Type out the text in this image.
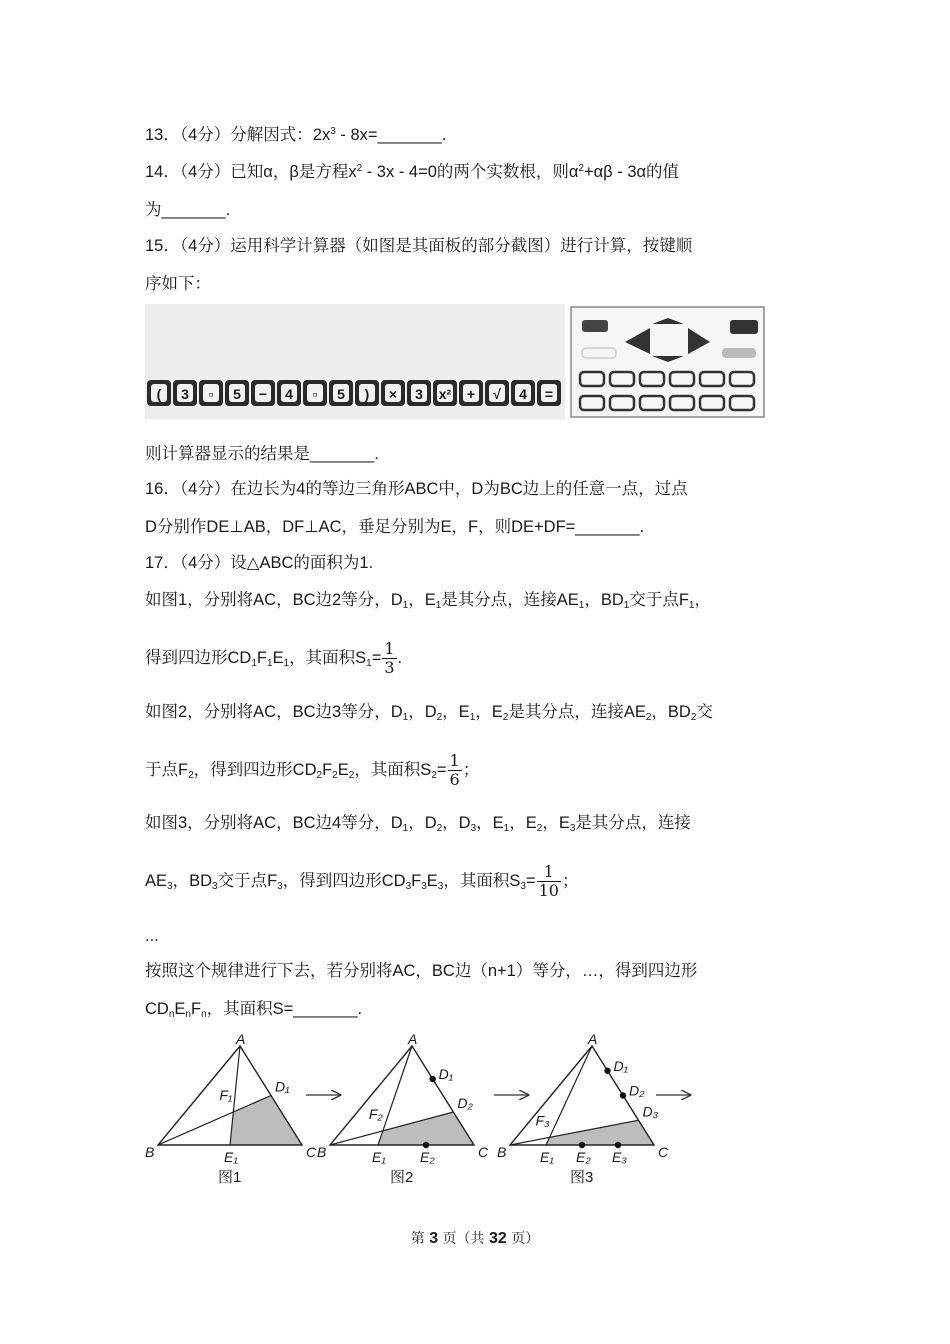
13．（4分）分解因式：$2x^3$ - 8x=_______.
14．（4分）已知α，β是方程$x^2 - 3x - 4=0$的两个实数根，则$\alpha^2+\alpha\beta - 3\alpha$的值
为_______.
15．（4分）运用科学计算器（如图是其面板的部分截图）进行计算，按键顺
序如下：
( 3 ▫ 5 − 4 ▫ 5 ) × 3 x² + √ 4 =
则计算器显示的结果是_______.
16．（4分）在边长为4的等边三角形ABC中，D为BC边上的任意一点，过点
D分别作DE⊥AB，DF⊥AC，垂足分别为E，F，则DE+DF=_______.
17．（4分）设△ABC的面积为1.
如图1，分别将AC，BC边2等分，$D_1$，$E_1$是其分点，连接$AE_1$，$BD_1$交于点$F_1$，
得到四边形$CD_1F_1E_1$，其面积$S_1= \frac{1}{3}$ .
如图2，分别将AC，BC边3等分，$D_1$，$D_2$，$E_1$，$E_2$是其分点，连接$AE_2$，$BD_2$交
于点$F_2$，得到四边形$CD_2F_2E_2$，其面积$S_2= \frac{1}{6}$ ；
如图3，分别将AC，BC边4等分，$D_1$，$D_2$，$D_3$，$E_1$，$E_2$，$E_3$是其分点，连接
$AE_3$，$BD_3$交于点$F_3$，得到四边形$CD_3F_3E_3$，其面积$S_3= \frac{1}{10}$ ；
...
按照这个规律进行下去，若分别将AC，BC边（n+1）等分，…，得到四边形
$CD_nE_nF_n$，其面积S=_______.
A
B	C
F₁
D₁
E₁
图1
A
B	C
F₂
D₂
D₁
E₁ E₂
图2
A
B	C
F₃
D₃
D₁
D₂
E₁ E₂ E₃
图3
第 3 页（共 32 页）
